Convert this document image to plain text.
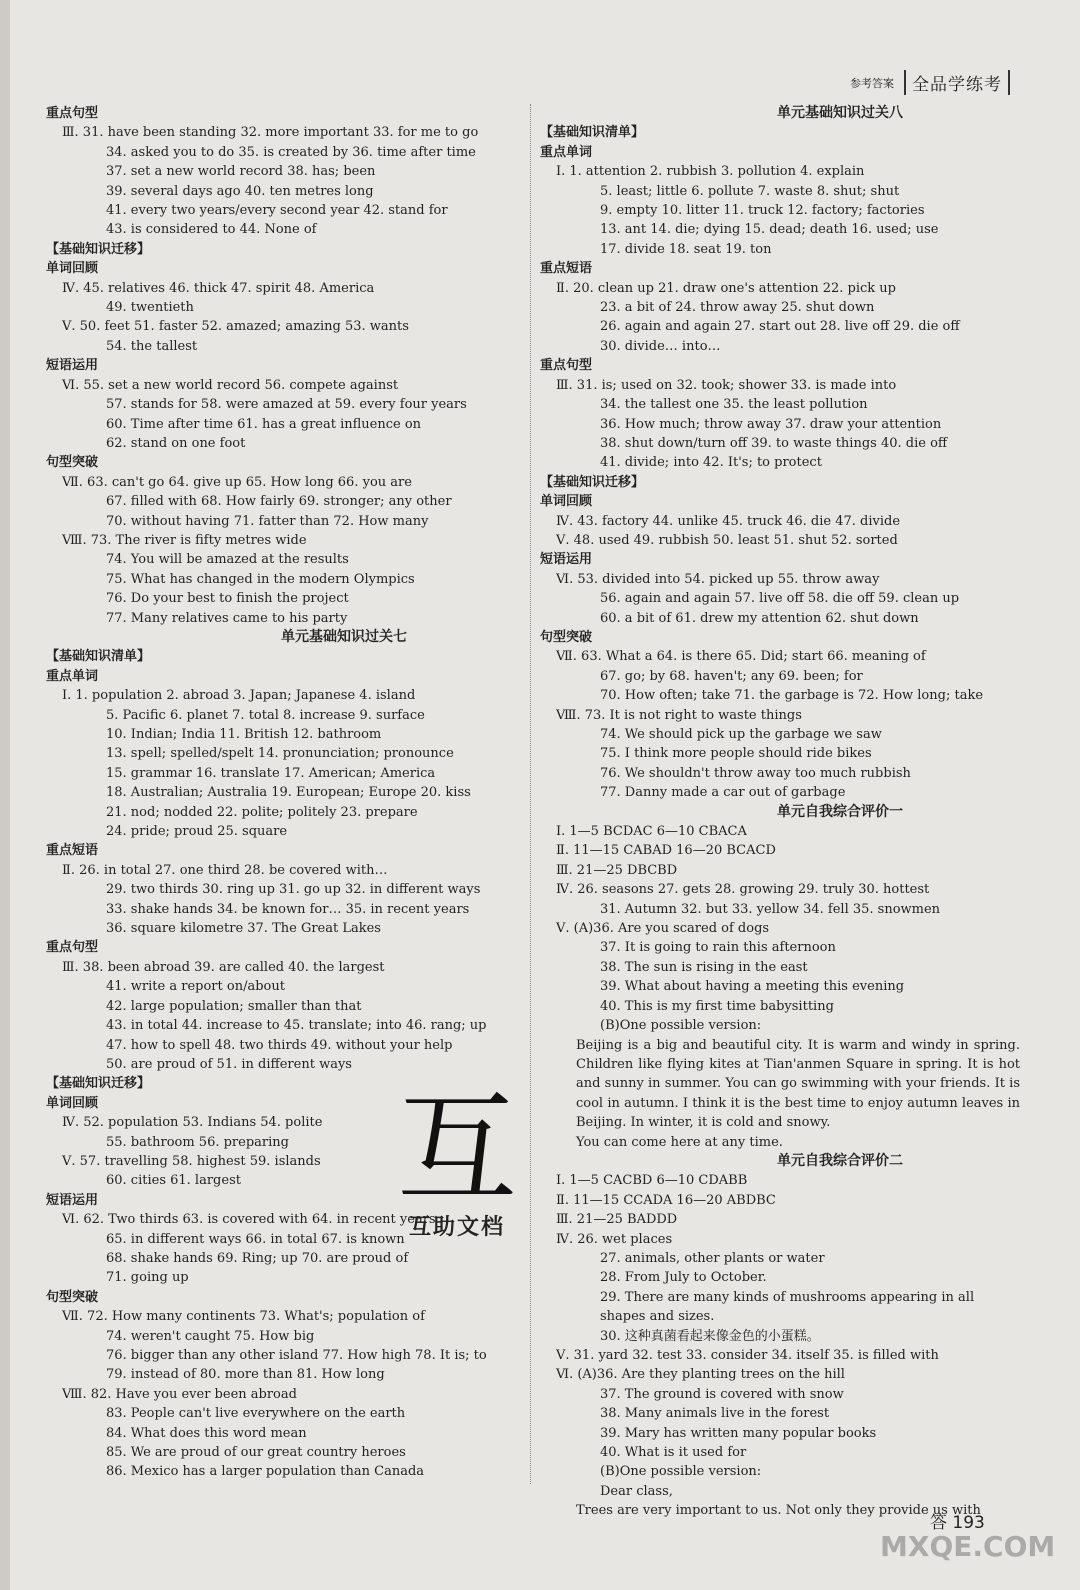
参考答案	全品学练考
重点句型
Ⅲ. 31. have been standing 32. more important 33. for me to go
34. asked you to do 35. is created by 36. time after time
37. set a new world record 38. has; been
39. several days ago 40. ten metres long
41. every two years/every second year 42. stand for
43. is considered to 44. None of
【基础知识迁移】
单词回顾
Ⅳ. 45. relatives 46. thick 47. spirit 48. America
49. twentieth
Ⅴ. 50. feet 51. faster 52. amazed; amazing 53. wants
54. the tallest
短语运用
Ⅵ. 55. set a new world record 56. compete against
57. stands for 58. were amazed at 59. every four years
60. Time after time 61. has a great influence on
62. stand on one foot
句型突破
Ⅶ. 63. can't go 64. give up 65. How long 66. you are
67. filled with 68. How fairly 69. stronger; any other
70. without having 71. fatter than 72. How many
Ⅷ. 73. The river is fifty metres wide
74. You will be amazed at the results
75. What has changed in the modern Olympics
76. Do your best to finish the project
77. Many relatives came to his party
单元基础知识过关七
【基础知识清单】
重点单词
Ⅰ. 1. population 2. abroad 3. Japan; Japanese 4. island
5. Pacific 6. planet 7. total 8. increase 9. surface
10. Indian; India 11. British 12. bathroom
13. spell; spelled/spelt 14. pronunciation; pronounce
15. grammar 16. translate 17. American; America
18. Australian; Australia 19. European; Europe 20. kiss
21. nod; nodded 22. polite; politely 23. prepare
24. pride; proud 25. square
重点短语
Ⅱ. 26. in total 27. one third 28. be covered with…
29. two thirds 30. ring up 31. go up 32. in different ways
33. shake hands 34. be known for… 35. in recent years
36. square kilometre 37. The Great Lakes
重点句型
Ⅲ. 38. been abroad 39. are called 40. the largest
41. write a report on/about
42. large population; smaller than that
43. in total 44. increase to 45. translate; into 46. rang; up
47. how to spell 48. two thirds 49. without your help
50. are proud of 51. in different ways
【基础知识迁移】
单词回顾
Ⅳ. 52. population 53. Indians 54. polite
55. bathroom 56. preparing
Ⅴ. 57. travelling 58. highest 59. islands
60. cities 61. largest
短语运用
Ⅵ. 62. Two thirds 63. is covered with 64. in recent years
65. in different ways 66. in total 67. is known
68. shake hands 69. Ring; up 70. are proud of
71. going up
句型突破
Ⅶ. 72. How many continents 73. What's; population of
74. weren't caught 75. How big
76. bigger than any other island 77. How high 78. It is; to
79. instead of 80. more than 81. How long
Ⅷ. 82. Have you ever been abroad
83. People can't live everywhere on the earth
84. What does this word mean
85. We are proud of our great country heroes
86. Mexico has a larger population than Canada
单元基础知识过关八
【基础知识清单】
重点单词
Ⅰ. 1. attention 2. rubbish 3. pollution 4. explain
5. least; little 6. pollute 7. waste 8. shut; shut
9. empty 10. litter 11. truck 12. factory; factories
13. ant 14. die; dying 15. dead; death 16. used; use
17. divide 18. seat 19. ton
重点短语
Ⅱ. 20. clean up 21. draw one's attention 22. pick up
23. a bit of 24. throw away 25. shut down
26. again and again 27. start out 28. live off 29. die off
30. divide… into…
重点句型
Ⅲ. 31. is; used on 32. took; shower 33. is made into
34. the tallest one 35. the least pollution
36. How much; throw away 37. draw your attention
38. shut down/turn off 39. to waste things 40. die off
41. divide; into 42. It's; to protect
【基础知识迁移】
单词回顾
Ⅳ. 43. factory 44. unlike 45. truck 46. die 47. divide
Ⅴ. 48. used 49. rubbish 50. least 51. shut 52. sorted
短语运用
Ⅵ. 53. divided into 54. picked up 55. throw away
56. again and again 57. live off 58. die off 59. clean up
60. a bit of 61. drew my attention 62. shut down
句型突破
Ⅶ. 63. What a 64. is there 65. Did; start 66. meaning of
67. go; by 68. haven't; any 69. been; for
70. How often; take 71. the garbage is 72. How long; take
Ⅷ. 73. It is not right to waste things
74. We should pick up the garbage we saw
75. I think more people should ride bikes
76. We shouldn't throw away too much rubbish
77. Danny made a car out of garbage
单元自我综合评价一
Ⅰ. 1—5 BCDAC 6—10 CBACA
Ⅱ. 11—15 CABAD 16—20 BCACD
Ⅲ. 21—25 DBCBD
Ⅳ. 26. seasons 27. gets 28. growing 29. truly 30. hottest
31. Autumn 32. but 33. yellow 34. fell 35. snowmen
Ⅴ. (A)36. Are you scared of dogs
37. It is going to rain this afternoon
38. The sun is rising in the east
39. What about having a meeting this evening
40. This is my first time babysitting
(B)One possible version:
Beijing is a big and beautiful city. It is warm and windy in spring. Children like flying kites at Tian'anmen Square in spring. It is hot and sunny in summer. You can go swimming with your friends. It is cool in autumn. I think it is the best time to enjoy autumn leaves in Beijing. In winter, it is cold and snowy.
You can come here at any time.
单元自我综合评价二
Ⅰ. 1—5 CACBD 6—10 CDABB
Ⅱ. 11—15 CCADA 16—20 ABDBC
Ⅲ. 21—25 BADDD
Ⅳ. 26. wet places
27. animals, other plants or water
28. From July to October.
29. There are many kinds of mushrooms appearing in all shapes and sizes.
30. 这种真菌看起来像金色的小蛋糕。
Ⅴ. 31. yard 32. test 33. consider 34. itself 35. is filled with
Ⅵ. (A)36. Are they planting trees on the hill
37. The ground is covered with snow
38. Many animals live in the forest
39. Mary has written many popular books
40. What is it used for
(B)One possible version:
Dear class,
Trees are very important to us. Not only they provide us with
互
互助文档
答 193
MXQE.COM
